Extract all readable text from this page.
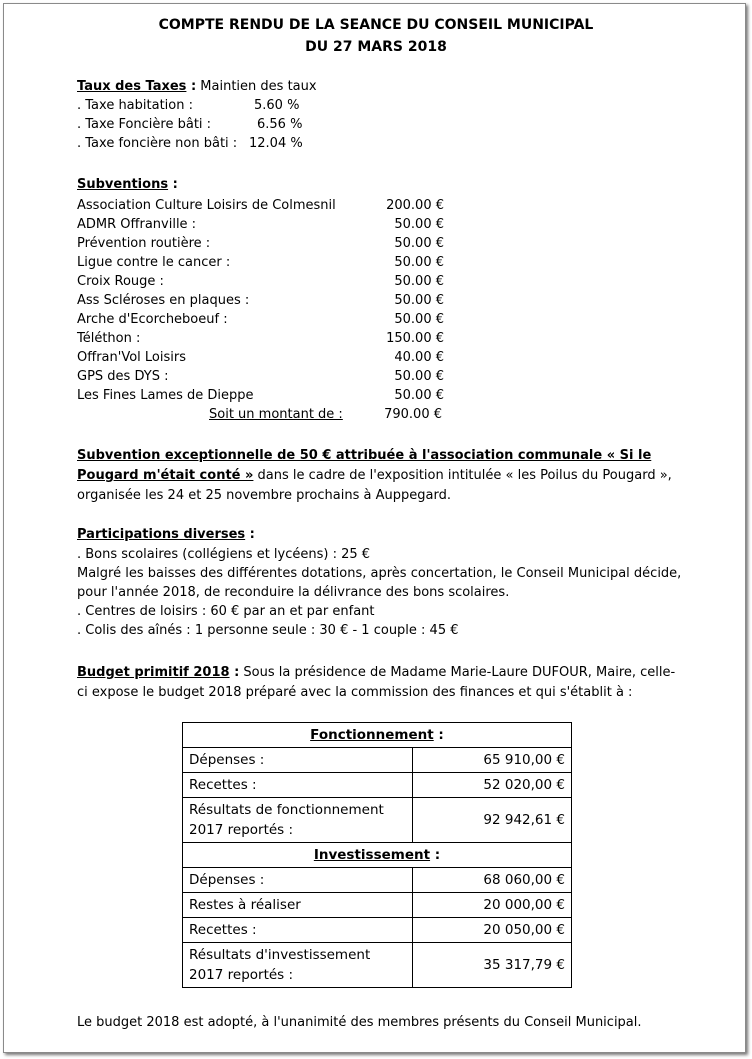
COMPTE RENDU DE LA SEANCE DU CONSEIL MUNICIPAL
DU 27 MARS 2018
Taux des Taxes : Maintien des taux
. Taxe habitation :	5.60 %
. Taxe Foncière bâti :	6.56 %
. Taxe foncière non bâti : 12.04 %
Subventions :
Association Culture Loisirs de Colmesnil	200.00 €
ADMR Offranville :	50.00 €
Prévention routière :	50.00 €
Ligue contre le cancer :	50.00 €
Croix Rouge :	50.00 €
Ass Scléroses en plaques :	50.00 €
Arche d'Ecorcheboeuf :	50.00 €
Téléthon :	150.00 €
Offran'Vol Loisirs	40.00 €
GPS des DYS :	50.00 €
Les Fines Lames de Dieppe	50.00 €
Soit un montant de :	790.00 €
Subvention exceptionnelle de 50 € attribuée à l'association communale « Si le
Pougard m'était conté » dans le cadre de l'exposition intitulée « les Poilus du Pougard »,
organisée les 24 et 25 novembre prochains à Auppegard.
Participations diverses :
. Bons scolaires (collégiens et lycéens) : 25 €
Malgré les baisses des différentes dotations, après concertation, le Conseil Municipal décide,
pour l'année 2018, de reconduire la délivrance des bons scolaires.
. Centres de loisirs : 60 € par an et par enfant
. Colis des aînés : 1 personne seule : 30 € - 1 couple : 45 €
Budget primitif 2018 : Sous la présidence de Madame Marie-Laure DUFOUR, Maire, celle-
ci expose le budget 2018 préparé avec la commission des finances et qui s'établit à :
Fonctionnement :	
Dépenses :	65 910,00 €
Recettes :	52 020,00 €
Résultats de fonctionnement
2017 reportés :	92 942,61 €
Investissement :	
Dépenses :	68 060,00 €
Restes à réaliser	20 000,00 €
Recettes :	20 050,00 €
Résultats d'investissement
2017 reportés :	35 317,79 €
Le budget 2018 est adopté, à l'unanimité des membres présents du Conseil Municipal.
